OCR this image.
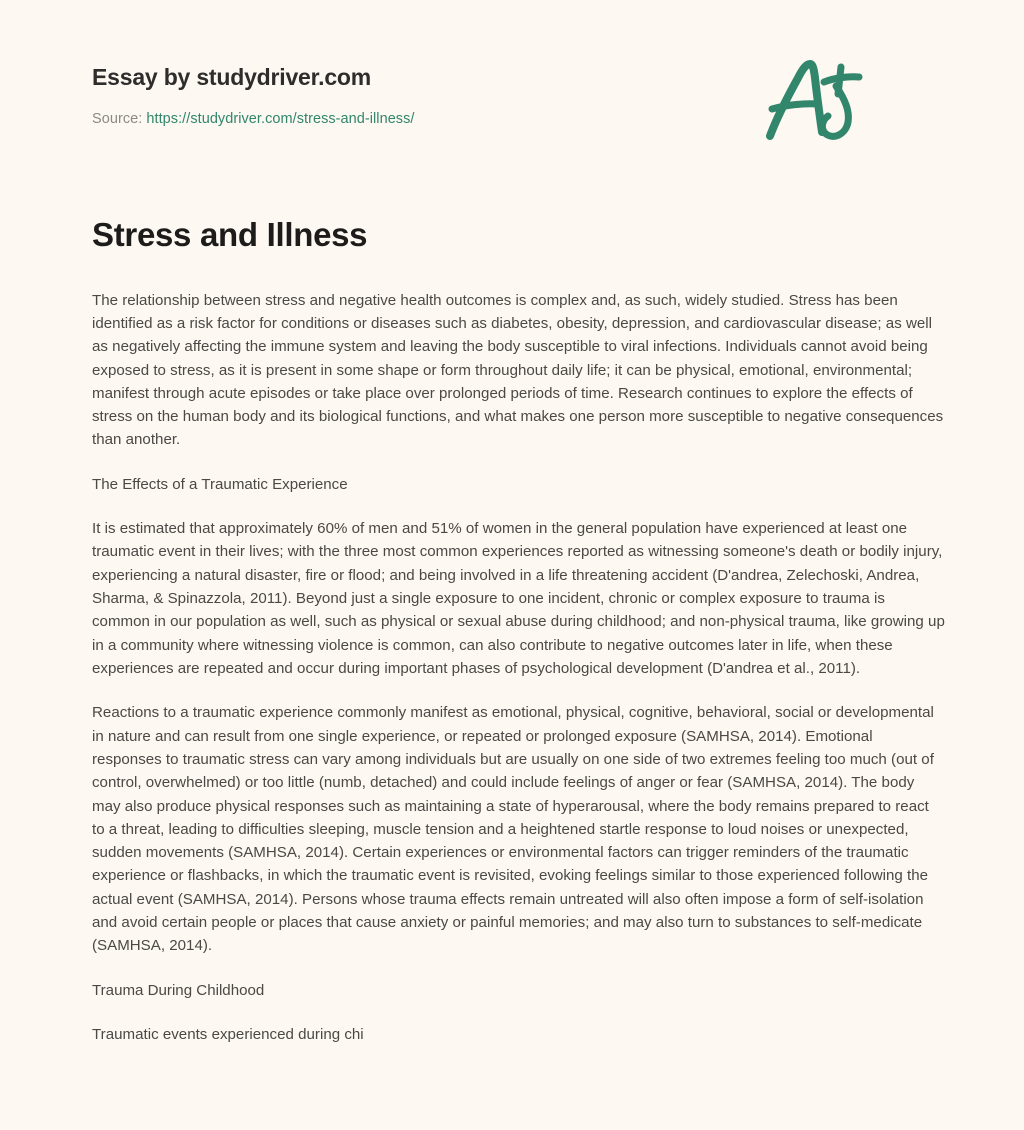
Essay by studydriver.com
Source: https://studydriver.com/stress-and-illness/
Stress and Illness

The relationship between stress and negative health outcomes is complex and, as such, widely studied. Stress has been identified as a risk factor for conditions or diseases such as diabetes, obesity, depression, and cardiovascular disease; as well as negatively affecting the immune system and leaving the body susceptible to viral infections. Individuals cannot avoid being exposed to stress, as it is present in some shape or form throughout daily life; it can be physical, emotional, environmental; manifest through acute episodes or take place over prolonged periods of time. Research continues to explore the effects of stress on the human body and its biological functions, and what makes one person more susceptible to negative consequences than another.

The Effects of a Traumatic Experience

It is estimated that approximately 60% of men and 51% of women in the general population have experienced at least one traumatic event in their lives; with the three most common experiences reported as witnessing someone's death or bodily injury, experiencing a natural disaster, fire or flood; and being involved in a life threatening accident (D'andrea, Zelechoski, Andrea, Sharma, & Spinazzola, 2011). Beyond just a single exposure to one incident, chronic or complex exposure to trauma is common in our population as well, such as physical or sexual abuse during childhood; and non-physical trauma, like growing up in a community where witnessing violence is common, can also contribute to negative outcomes later in life, when these experiences are repeated and occur during important phases of psychological development (D'andrea et al., 2011).

Reactions to a traumatic experience commonly manifest as emotional, physical, cognitive, behavioral, social or developmental in nature and can result from one single experience, or repeated or prolonged exposure (SAMHSA, 2014). Emotional responses to traumatic stress can vary among individuals but are usually on one side of two extremes feeling too much (out of control, overwhelmed) or too little (numb, detached) and could include feelings of anger or fear (SAMHSA, 2014). The body may also produce physical responses such as maintaining a state of hyperarousal, where the body remains prepared to react to a threat, leading to difficulties sleeping, muscle tension and a heightened startle response to loud noises or unexpected, sudden movements (SAMHSA, 2014). Certain experiences or environmental factors can trigger reminders of the traumatic experience or flashbacks, in which the traumatic event is revisited, evoking feelings similar to those experienced following the actual event (SAMHSA, 2014). Persons whose trauma effects remain untreated will also often impose a form of self-isolation and avoid certain people or places that cause anxiety or painful memories; and may also turn to substances to self-medicate (SAMHSA, 2014).

Trauma During Childhood

Traumatic events experienced during chi
